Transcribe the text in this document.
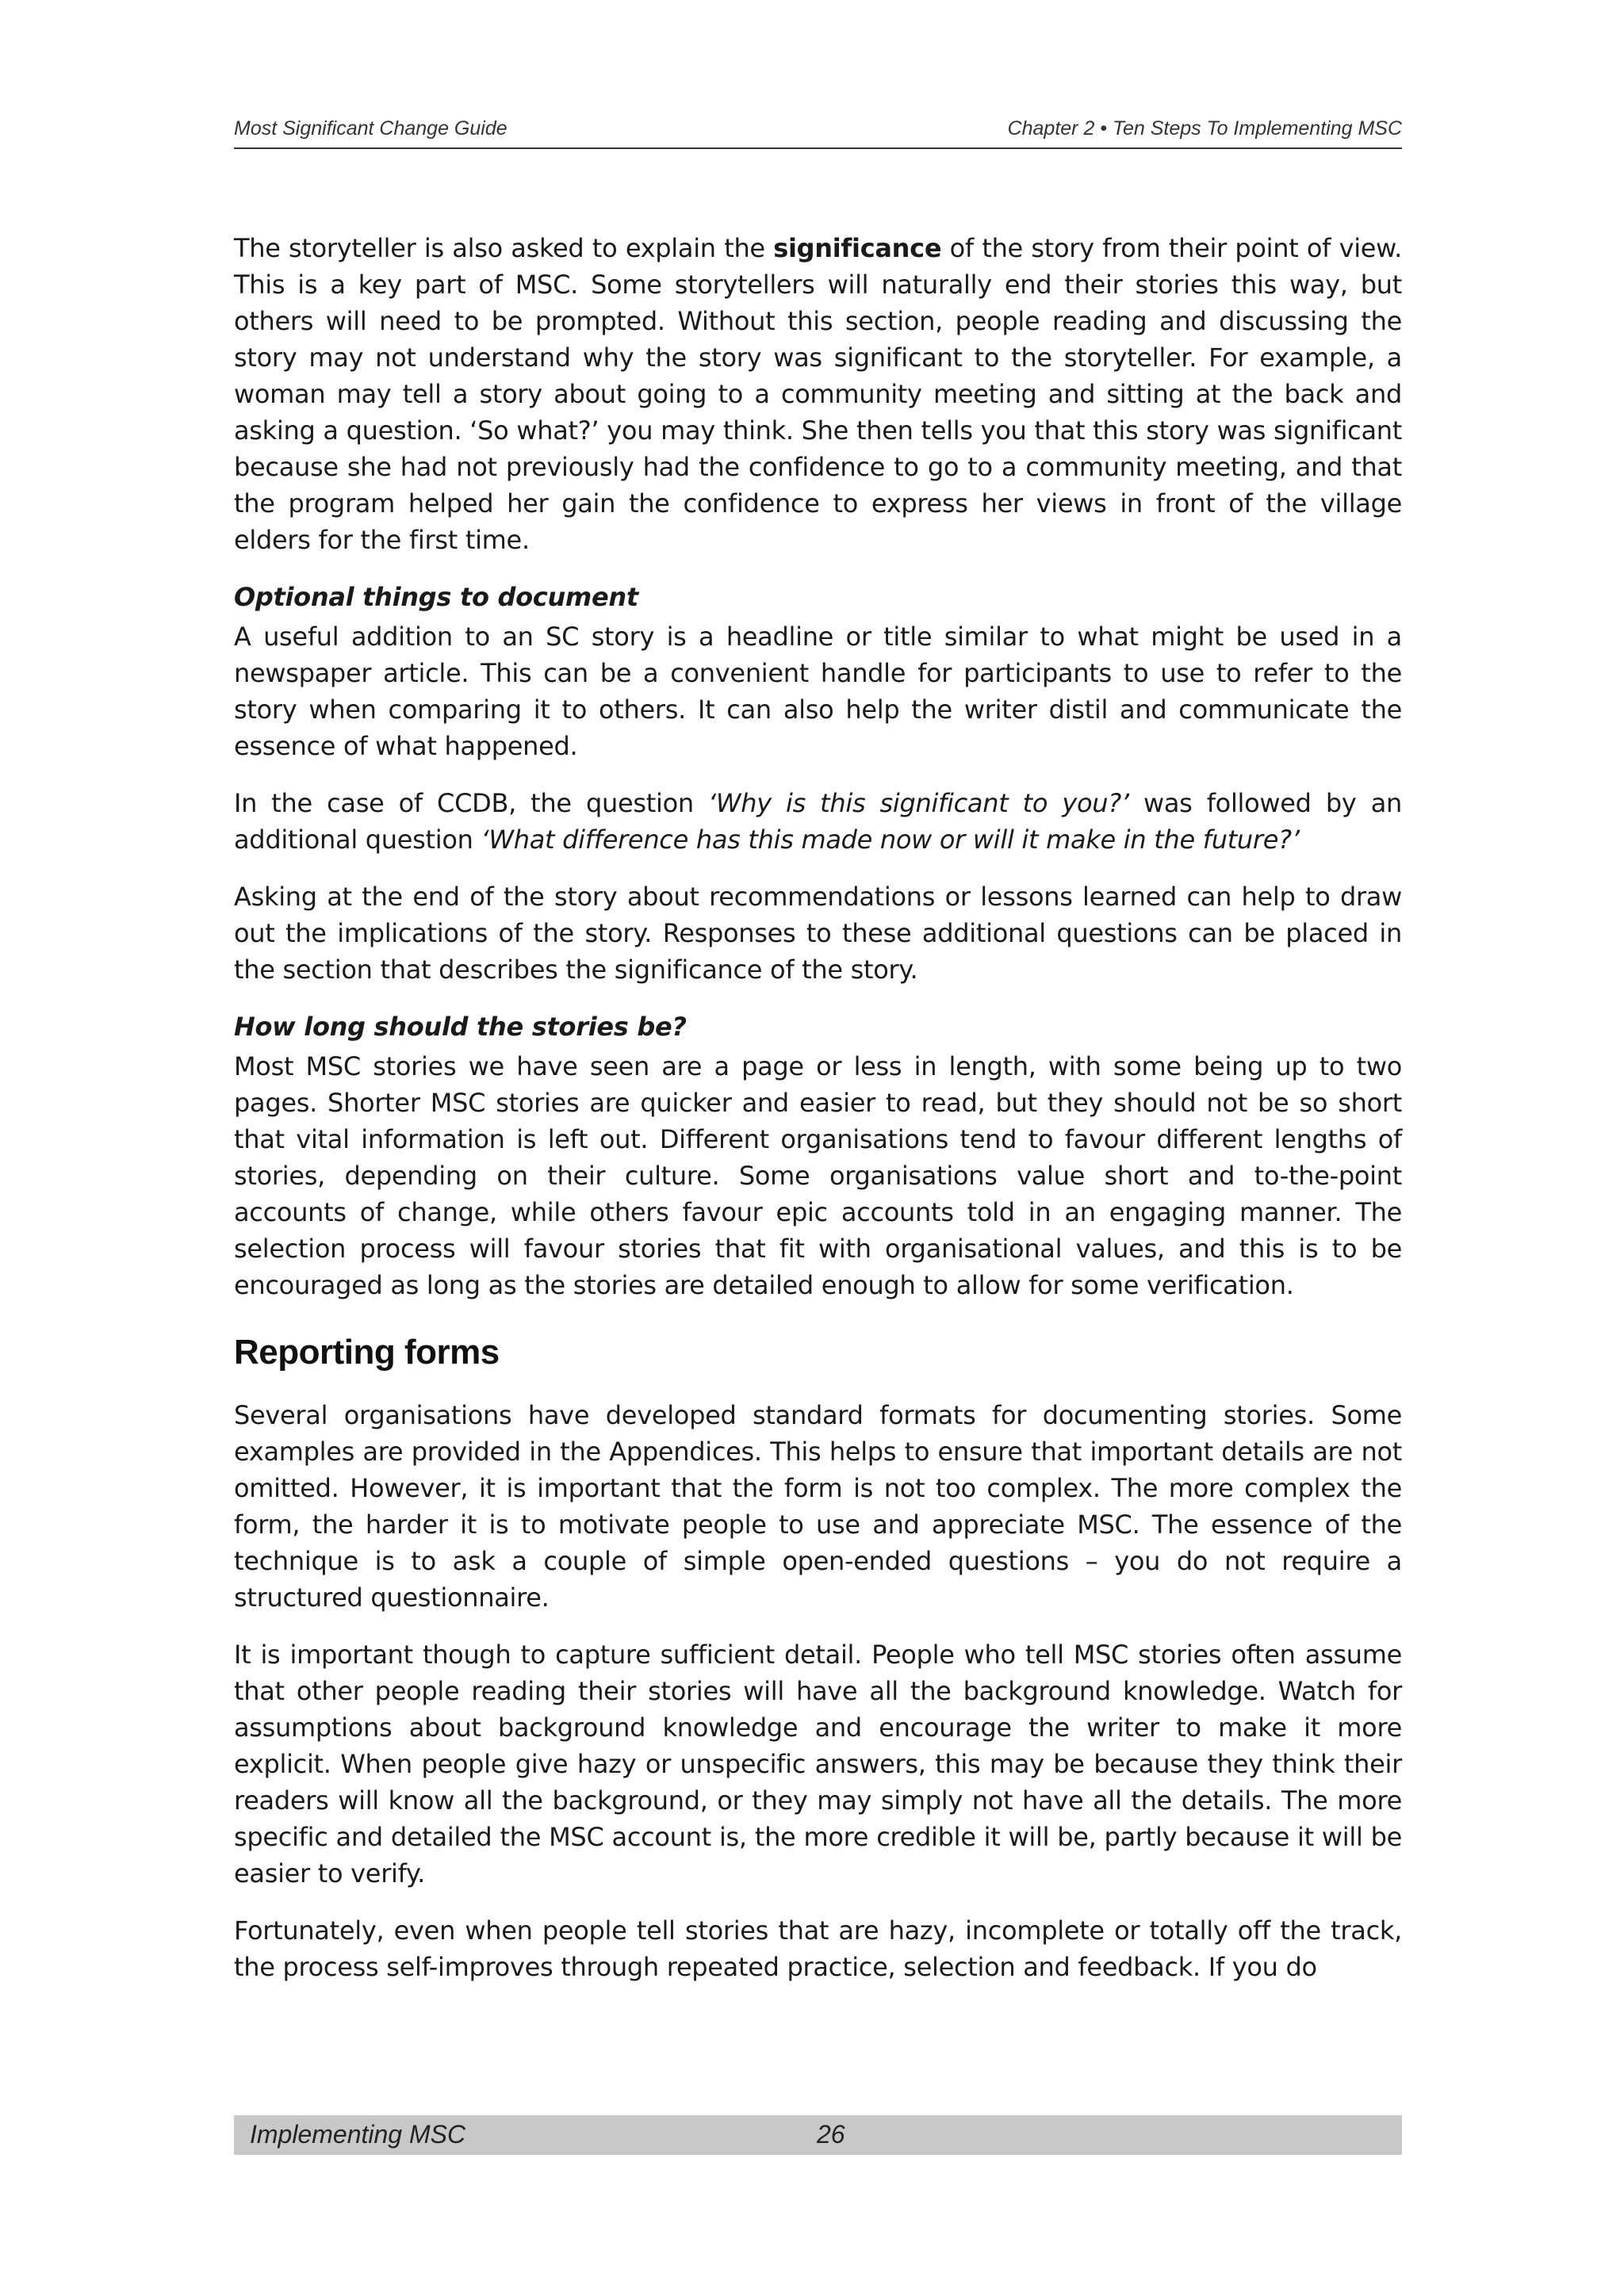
Most Significant Change Guide	Chapter 2 • Ten Steps To Implementing MSC

The storyteller is also asked to explain the significance of the story from their point of view. This is a key part of MSC. Some storytellers will naturally end their stories this way, but others will need to be prompted. Without this section, people reading and discussing the story may not understand why the story was significant to the storyteller. For example, a woman may tell a story about going to a community meeting and sitting at the back and asking a question. ‘So what?’ you may think. She then tells you that this story was significant because she had not previously had the confidence to go to a community meeting, and that the program helped her gain the confidence to express her views in front of the village elders for the first time.

Optional things to document

A useful addition to an SC story is a headline or title similar to what might be used in a newspaper article. This can be a convenient handle for participants to use to refer to the story when comparing it to others. It can also help the writer distil and communicate the essence of what happened.

In the case of CCDB, the question ‘Why is this significant to you?’ was followed by an additional question ‘What difference has this made now or will it make in the future?’

Asking at the end of the story about recommendations or lessons learned can help to draw out the implications of the story. Responses to these additional questions can be placed in the section that describes the significance of the story.

How long should the stories be?

Most MSC stories we have seen are a page or less in length, with some being up to two pages. Shorter MSC stories are quicker and easier to read, but they should not be so short that vital information is left out. Different organisations tend to favour different lengths of stories, depending on their culture. Some organisations value short and to-the-point accounts of change, while others favour epic accounts told in an engaging manner. The selection process will favour stories that fit with organisational values, and this is to be encouraged as long as the stories are detailed enough to allow for some verification.

Reporting forms

Several organisations have developed standard formats for documenting stories. Some examples are provided in the Appendices. This helps to ensure that important details are not omitted. However, it is important that the form is not too complex. The more complex the form, the harder it is to motivate people to use and appreciate MSC. The essence of the technique is to ask a couple of simple open-ended questions – you do not require a structured questionnaire.

It is important though to capture sufficient detail. People who tell MSC stories often assume that other people reading their stories will have all the background knowledge. Watch for assumptions about background knowledge and encourage the writer to make it more explicit. When people give hazy or unspecific answers, this may be because they think their readers will know all the background, or they may simply not have all the details. The more specific and detailed the MSC account is, the more credible it will be, partly because it will be easier to verify.

Fortunately, even when people tell stories that are hazy, incomplete or totally off the track, the process self-improves through repeated practice, selection and feedback. If you do

Implementing MSC	26
